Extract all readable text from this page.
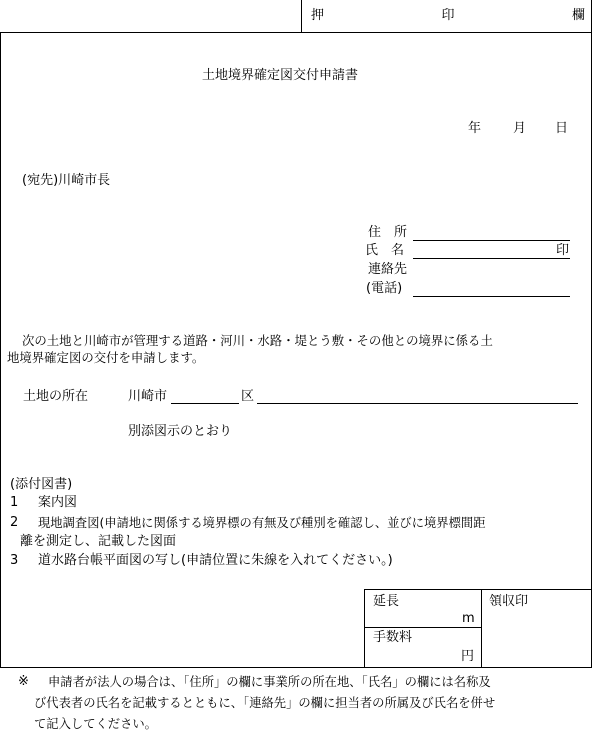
押	印	欄
土地境界確定図交付申請書
年 月 日
(宛先)川崎市長
住　所
氏　名	印
連絡先
(電話)
次の土地と川崎市が管理する道路・河川・水路・堤とう敷・その他との境界に係る土
地境界確定図の交付を申請します。
土地の所在	川崎市	区
別添図示のとおり
(添付図書)
1 案内図
2 現地調査図(申請地に関係する境界標の有無及び種別を確認し、並びに境界標間距
離を測定し、記載した図面
3 道水路台帳平面図の写し(申請位置に朱線を入れてください。)
延長
m
手数料
円
領収印
※ 申請者が法人の場合は、「住所」の欄に事業所の所在地、「氏名」の欄には名称及
び代表者の氏名を記載するとともに、「連絡先」の欄に担当者の所属及び氏名を併せ
て記入してください。
